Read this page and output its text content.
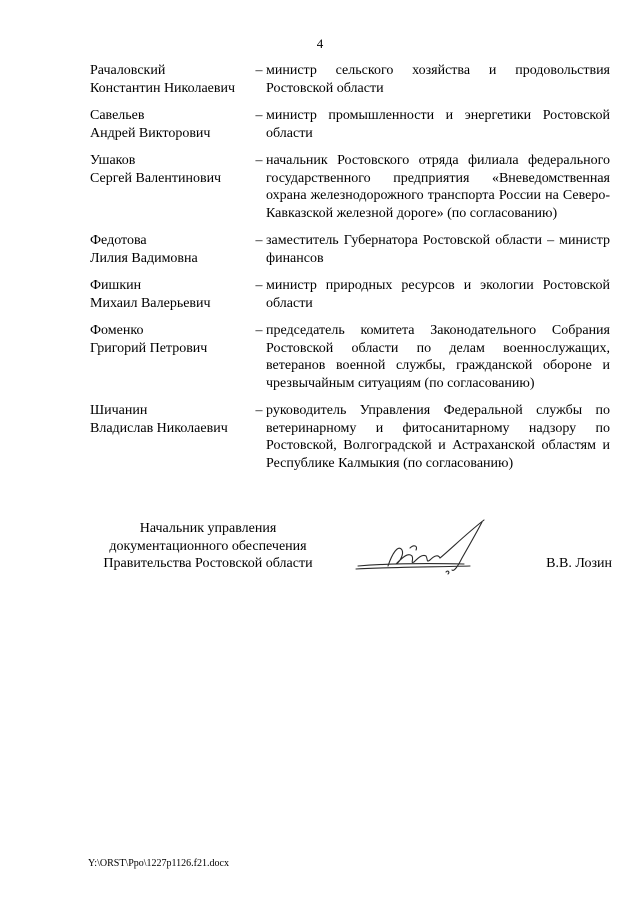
4
Рачаловский
Константин Николаевич
– министр сельского хозяйства и продовольствия Ростовской области
Савельев
Андрей Викторович
– министр промышленности и энергетики Ростовской области
Ушаков
Сергей Валентинович
– начальник Ростовского отряда филиала федерального государственного предприятия «Вневедомственная охрана железнодорожного транспорта России на Северо-Кавказской железной дороге» (по согласованию)
Федотова
Лилия Вадимовна
– заместитель Губернатора Ростовской области – министр финансов
Фишкин
Михаил Валерьевич
– министр природных ресурсов и экологии Ростовской области
Фоменко
Григорий Петрович
– председатель комитета Законодательного Собрания Ростовской области по делам военнослужащих, ветеранов военной службы, гражданской обороне и чрезвычайным ситуациям (по согласованию)
Шичанин
Владислав Николаевич
– руководитель Управления Федеральной службы по ветеринарному и фитосанитарному надзору по Ростовской, Волгоградской и Астраханской областям и Республике Калмыкия (по согласованию)
Начальник управления
документационного обеспечения
Правительства Ростовской области	В.В. Лозин
Y:\ORST\Ppo\1227p1126.f21.docx
